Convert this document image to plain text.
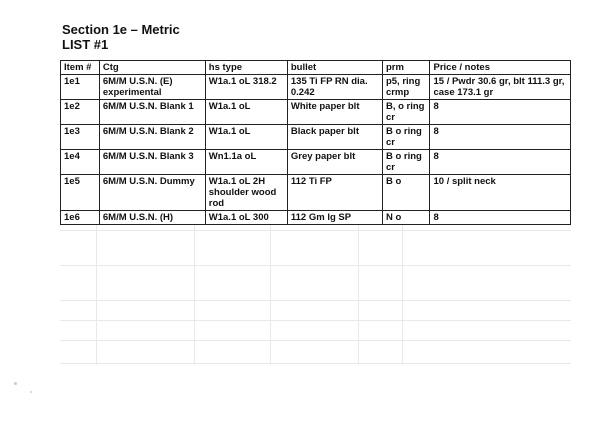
Section 1e – Metric
LIST #1
Item #	Ctg	hs type	bullet	prm	Price / notes
1e1	6M/M U.S.N. (E) experimental	W1a.1 oL 318.2	135 Ti FP RN dia. 0.242	p5, ring crmp	15 / Pwdr 30.6 gr, blt 111.3 gr, case 173.1 gr
1e2	6M/M U.S.N. Blank 1	W1a.1 oL	White paper blt	B, o ring cr	8
1e3	6M/M U.S.N. Blank 2	W1a.1 oL	Black paper blt	B o ring cr	8
1e4	6M/M U.S.N. Blank 3	Wn1.1a oL	Grey paper blt	B o ring cr	8
1e5	6M/M U.S.N. Dummy	W1a.1 oL 2H shoulder wood rod	112 Ti FP	B o	10 / split neck
1e6	6M/M U.S.N. (H)	W1a.1 oL 300	112 Gm lg SP	N o	8
